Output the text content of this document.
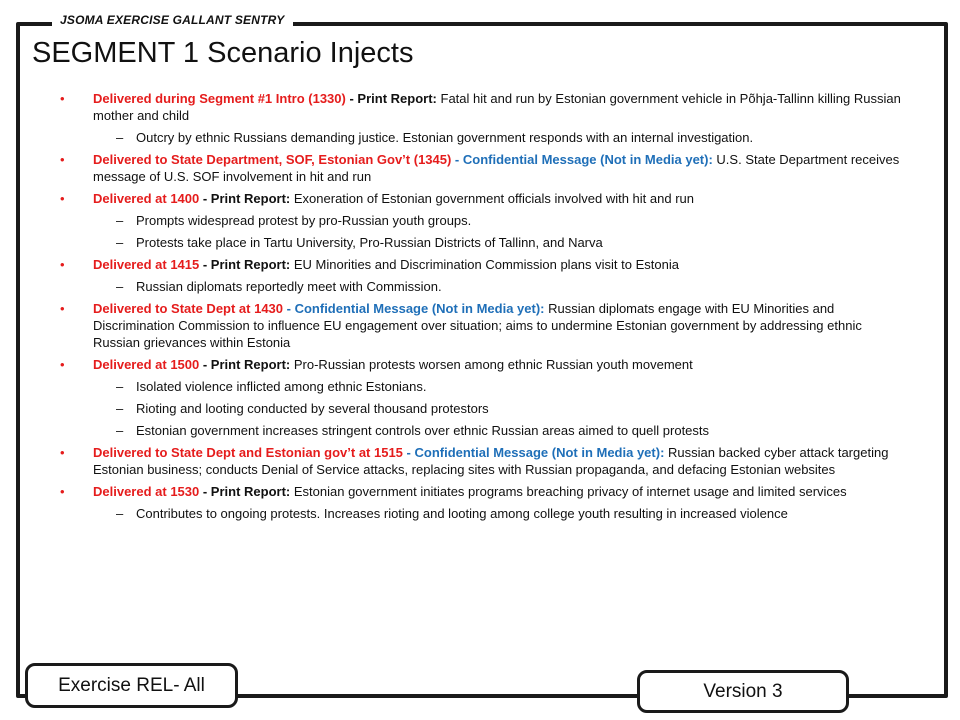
JSOMA EXERCISE GALLANT SENTRY
SEGMENT 1 Scenario Injects
• Delivered during Segment #1 Intro (1330) - Print Report: Fatal hit and run by Estonian government vehicle in Põhja-Tallinn killing Russian mother and child
– Outcry by ethnic Russians demanding justice. Estonian government responds with an internal investigation.
• Delivered to State Department, SOF, Estonian Gov’t (1345) - Confidential Message (Not in Media yet): U.S. State Department receives message of U.S. SOF involvement in hit and run
• Delivered at 1400 - Print Report: Exoneration of Estonian government officials involved with hit and run
– Prompts widespread protest by pro-Russian youth groups.
– Protests take place in Tartu University, Pro-Russian Districts of Tallinn, and Narva
• Delivered at 1415 - Print Report: EU Minorities and Discrimination Commission plans visit to Estonia
– Russian diplomats reportedly meet with Commission.
• Delivered to State Dept at 1430 - Confidential Message (Not in Media yet): Russian diplomats engage with EU Minorities and Discrimination Commission to influence EU engagement over situation; aims to undermine Estonian government by addressing ethnic Russian grievances within Estonia
• Delivered at 1500 - Print Report: Pro-Russian protests worsen among ethnic Russian youth movement
– Isolated violence inflicted among ethnic Estonians.
– Rioting and looting conducted by several thousand protestors
– Estonian government increases stringent controls over ethnic Russian areas aimed to quell protests
• Delivered to State Dept and Estonian gov’t at 1515 - Confidential Message (Not in Media yet): Russian backed cyber attack targeting Estonian business; conducts Denial of Service attacks, replacing sites with Russian propaganda, and defacing Estonian websites
• Delivered at 1530 - Print Report: Estonian government initiates programs breaching privacy of internet usage and limited services
– Contributes to ongoing protests. Increases rioting and looting among college youth resulting in increased violence
Exercise REL- All	Version 3
